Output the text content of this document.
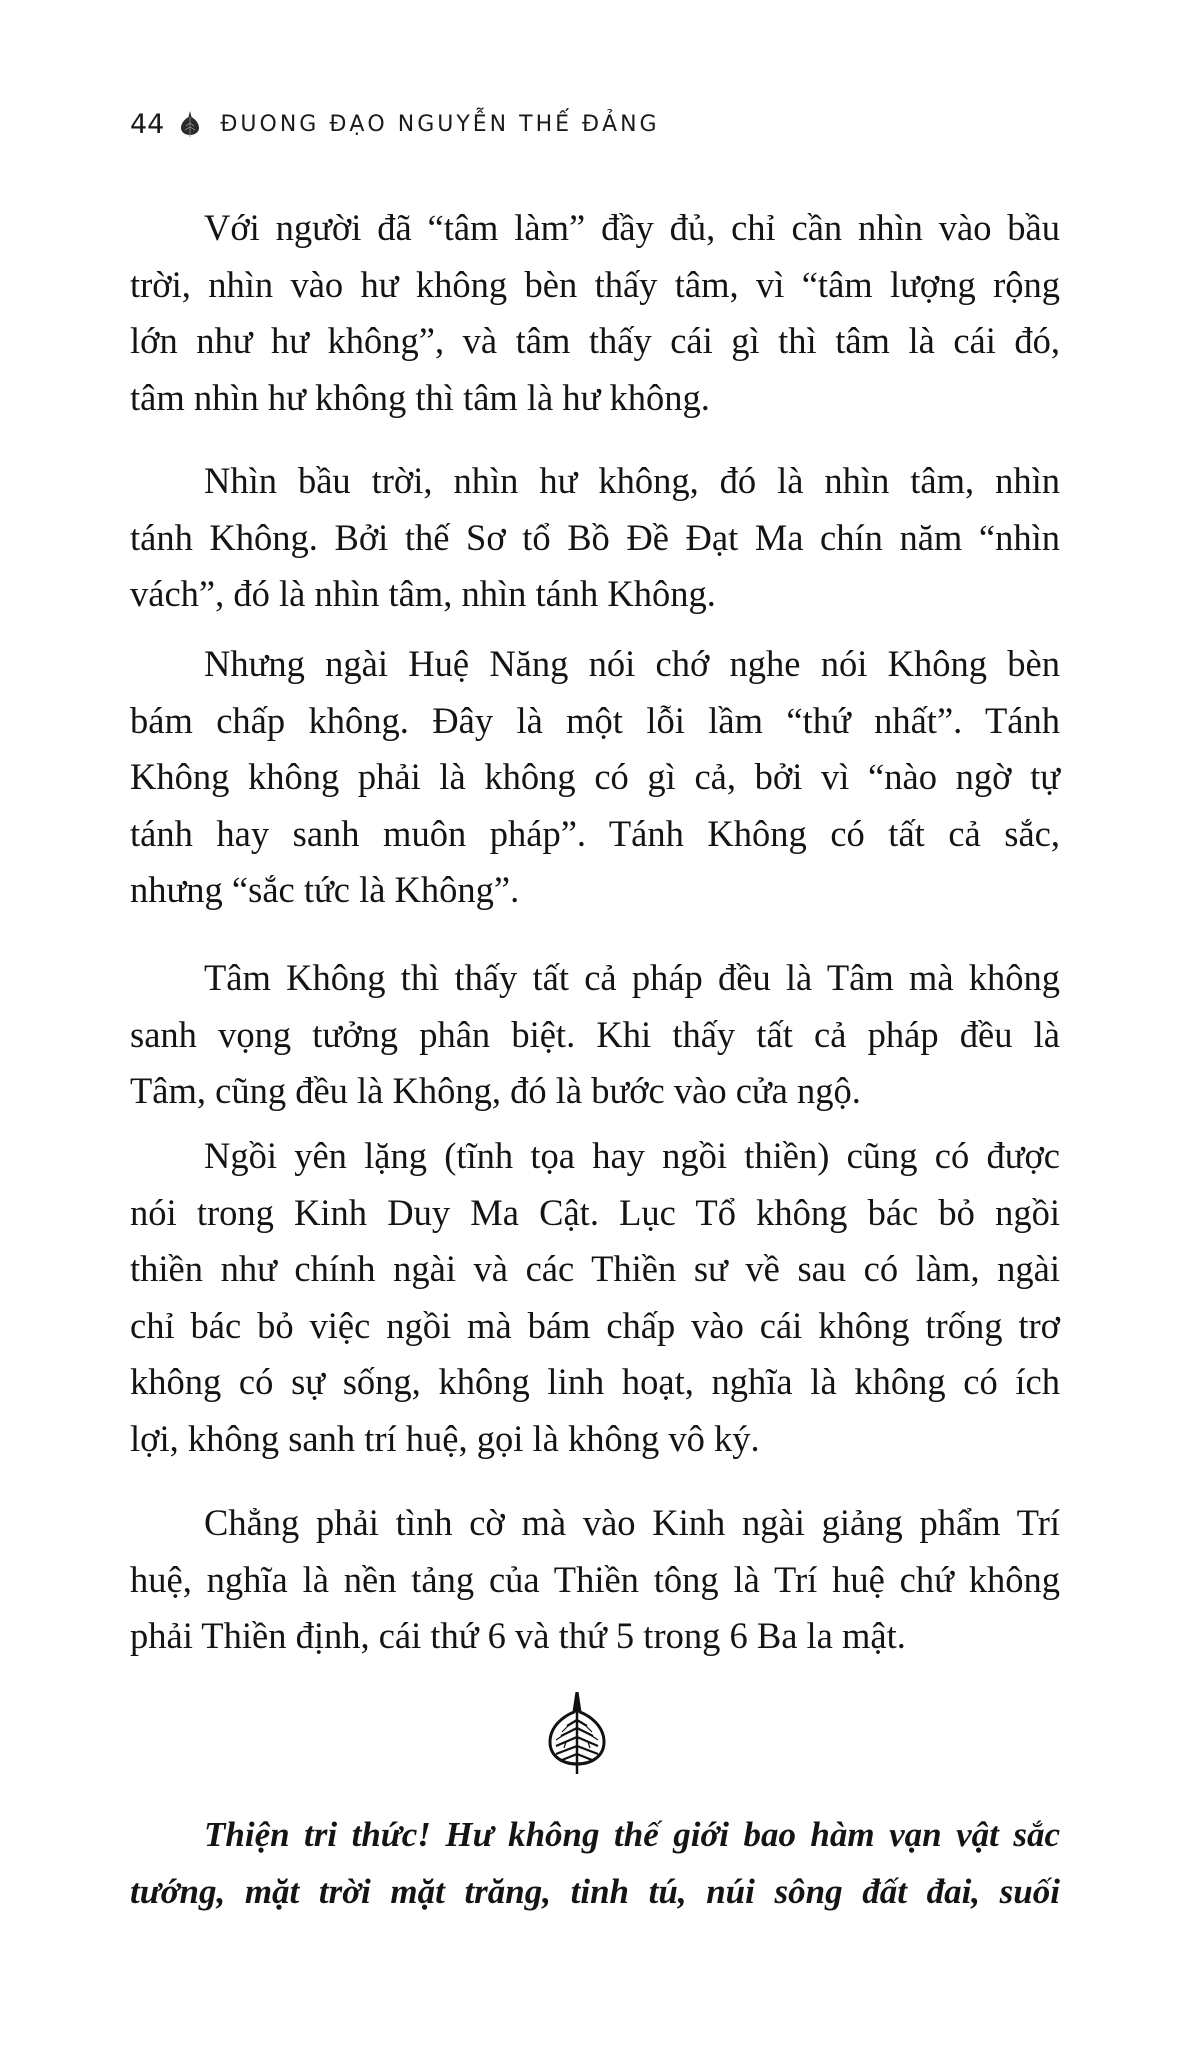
44	ĐUONG ĐẠO NGUYỄN THẾ ĐẢNG
Với người đã “tâm làm” đầy đủ, chỉ cần nhìn vào bầu
trời, nhìn vào hư không bèn thấy tâm, vì “tâm lượng rộng
lớn như hư không”, và tâm thấy cái gì thì tâm là cái đó,
tâm nhìn hư không thì tâm là hư không.
Nhìn bầu trời, nhìn hư không, đó là nhìn tâm, nhìn
tánh Không. Bởi thế Sơ tổ Bồ Đề Đạt Ma chín năm “nhìn
vách”, đó là nhìn tâm, nhìn tánh Không.
Nhưng ngài Huệ Năng nói chớ nghe nói Không bèn
bám chấp không. Đây là một lỗi lầm “thứ nhất”. Tánh
Không không phải là không có gì cả, bởi vì “nào ngờ tự
tánh hay sanh muôn pháp”. Tánh Không có tất cả sắc,
nhưng “sắc tức là Không”.
Tâm Không thì thấy tất cả pháp đều là Tâm mà không
sanh vọng tưởng phân biệt. Khi thấy tất cả pháp đều là
Tâm, cũng đều là Không, đó là bước vào cửa ngộ.
Ngồi yên lặng (tĩnh tọa hay ngồi thiền) cũng có được
nói trong Kinh Duy Ma Cật. Lục Tổ không bác bỏ ngồi
thiền như chính ngài và các Thiền sư về sau có làm, ngài
chỉ bác bỏ việc ngồi mà bám chấp vào cái không trống trơ
không có sự sống, không linh hoạt, nghĩa là không có ích
lợi, không sanh trí huệ, gọi là không vô ký.
Chẳng phải tình cờ mà vào Kinh ngài giảng phẩm Trí
huệ, nghĩa là nền tảng của Thiền tông là Trí huệ chứ không
phải Thiền định, cái thứ 6 và thứ 5 trong 6 Ba la mật.
Thiện tri thức! Hư không thế giới bao hàm vạn vật sắc
tướng, mặt trời mặt trăng, tinh tú, núi sông đất đai, suối
